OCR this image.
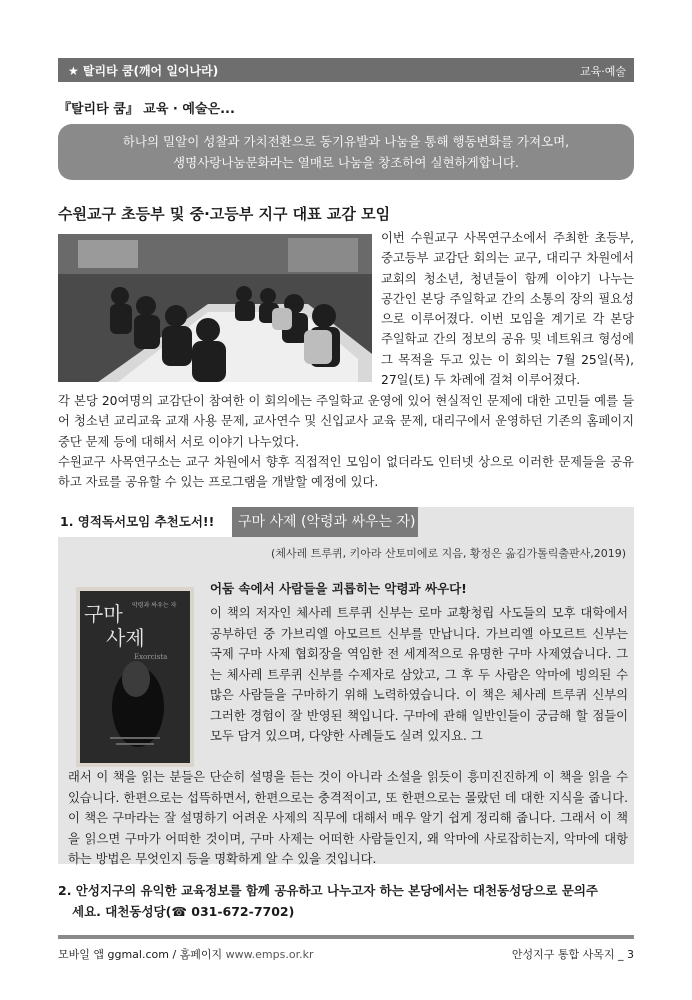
★ 탈리타 쿰(깨어 일어나라)	교육·예술
『탈리타 쿰』 교육 · 예술은...
하나의 밀알이 성찰과 가치전환으로 동기유발과 나눔을 통해 행동변화를 가져오며,
생명사랑나눔문화라는 열매로 나눔을 창조하여 실현하게합니다.
수원교구 초등부 및 중·고등부 지구 대표 교감 모임

이번 수원교구 사목연구소에서 주최한 초등부, 중고등부 교감단 회의는 교구, 대리구 차원에서 교회의 청소년, 청년들이 함께 이야기 나누는 공간인 본당 주일학교 간의 소통의 장의 필요성으로 이루어졌다. 이번 모임을 계기로 각 본당 주일학교 간의 정보의 공유 및 네트워크 형성에 그 목적을 두고 있는 이 회의는 7월 25일(목), 27일(토) 두 차례에 걸쳐 이루어졌다.

각 본당 20여명의 교감단이 참여한 이 회의에는 주일학교 운영에 있어 현실적인 문제에 대한 고민들 예를 들어 청소년 교리교육 교재 사용 문제, 교사연수 및 신입교사 교육 문제, 대리구에서 운영하던 기존의 홈페이지 중단 문제 등에 대해서 서로 이야기 나누었다.

수원교구 사목연구소는 교구 차원에서 향후 직접적인 모임이 없더라도 인터넷 상으로 이러한 문제들을 공유하고 자료를 공유할 수 있는 프로그램을 개발할 예정에 있다.

1. 영적독서모임 추천도서!!	구마 사제 (악령과 싸우는 자)
(체사레 트루퀴, 키아라 산토미에로 지음, 황정은 옮김가톨릭출판사,2019)
구마
사제
악령과 싸우는 자
Exorcista
어둠 속에서 사람들을 괴롭히는 악령과 싸우다!

이 책의 저자인 체사레 트루퀴 신부는 로마 교황청립 사도들의 모후 대학에서 공부하던 중 가브리엘 아모르트 신부를 만납니다. 가브리엘 아모르트 신부는 국제 구마 사제 협회장을 역임한 전 세계적으로 유명한 구마 사제였습니다. 그는 체사레 트루퀴 신부를 수제자로 삼았고, 그 후 두 사람은 악마에 빙의된 수많은 사람들을 구마하기 위해 노력하였습니다. 이 책은 체사레 트루퀴 신부의 그러한 경험이 잘 반영된 책입니다. 구마에 관해 일반인들이 궁금해 할 점들이 모두 담겨 있으며, 다양한 사례들도 실려 있지요. 그

래서 이 책을 읽는 분들은 단순히 설명을 듣는 것이 아니라 소설을 읽듯이 흥미진진하게 이 책을 읽을 수 있습니다. 한편으로는 섭뜩하면서, 한편으로는 충격적이고, 또 한편으로는 몰랐던 데 대한 지식을 줍니다. 이 책은 구마라는 잘 설명하기 어려운 사제의 직무에 대해서 매우 알기 쉽게 정리해 줍니다. 그래서 이 책을 읽으면 구마가 어떠한 것이며, 구마 사제는 어떠한 사람들인지, 왜 악마에 사로잡히는지, 악마에 대항하는 방법은 무엇인지 등을 명확하게 알 수 있을 것입니다.

2. 안성지구의 유익한 교육정보를 함께 공유하고 나누고자 하는 본당에서는 대천동성당으로 문의주

세요. 대천동성당(☎ 031-672-7702)

모바일 앱 ggmal.com / 홈페이지 www.emps.or.kr	안성지구 통합 사목지 _ 3
